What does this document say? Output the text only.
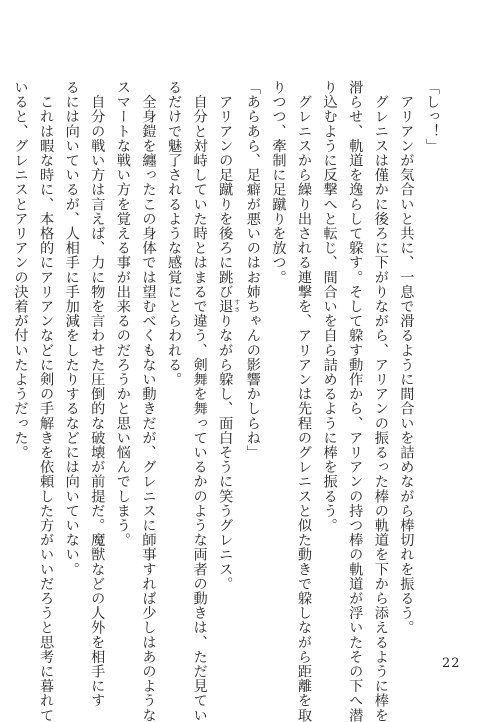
「しっ！」
　アリアンが気合いと共に、一息で滑るように間合いを詰めながら棒切れを振るう。
　グレニスは僅かに後ろに下がりながら、アリアンの振るった棒の軌道を下から添えるように棒を
滑らせ、軌道を逸らして躱す。そして躱す動作から、アリアンの持つ棒の軌道が浮いたその下へ潜
り込むように反撃へと転じ、間合いを自ら詰めるように棒を振るう。
　グレニスから繰り出される連撃を、アリアンは先程のグレニスと似た動きで躱しながら距離を取
りつつ、牽制に足蹴りを放つ。
「あらあら、足癖が悪いのはお姉ちゃんの影響かしらね」
　アリアンの足蹴りを後ろに跳び退 すさりながら躱し、面白そうに笑うグレニス。
　自分と対峙していた時とはまるで違う、剣舞を舞っているかのような両者の動きは、ただ見てい
るだけで魅了されるような感覚にとらわれる。
　全身鎧を纏ったこの身体では望むべくもない動きだが、グレニスに師事すれば少しはあのような
スマートな戦い方を覚える事が出来るのだろうかと思い悩んでしまう。
　自分の戦い方は言えば、力に物を言わせた圧倒的な破壊が前提だ。魔獣などの人外を相手にす
るには向いているが、人相手に手加減をしたりするなどには向いていない。
　これは暇な時に、本格的にアリアンなどに剣の手解きを依頼した方がいいだろうと思考に暮れて
いると、グレニスとアリアンの決着が付いたようだった。
22
